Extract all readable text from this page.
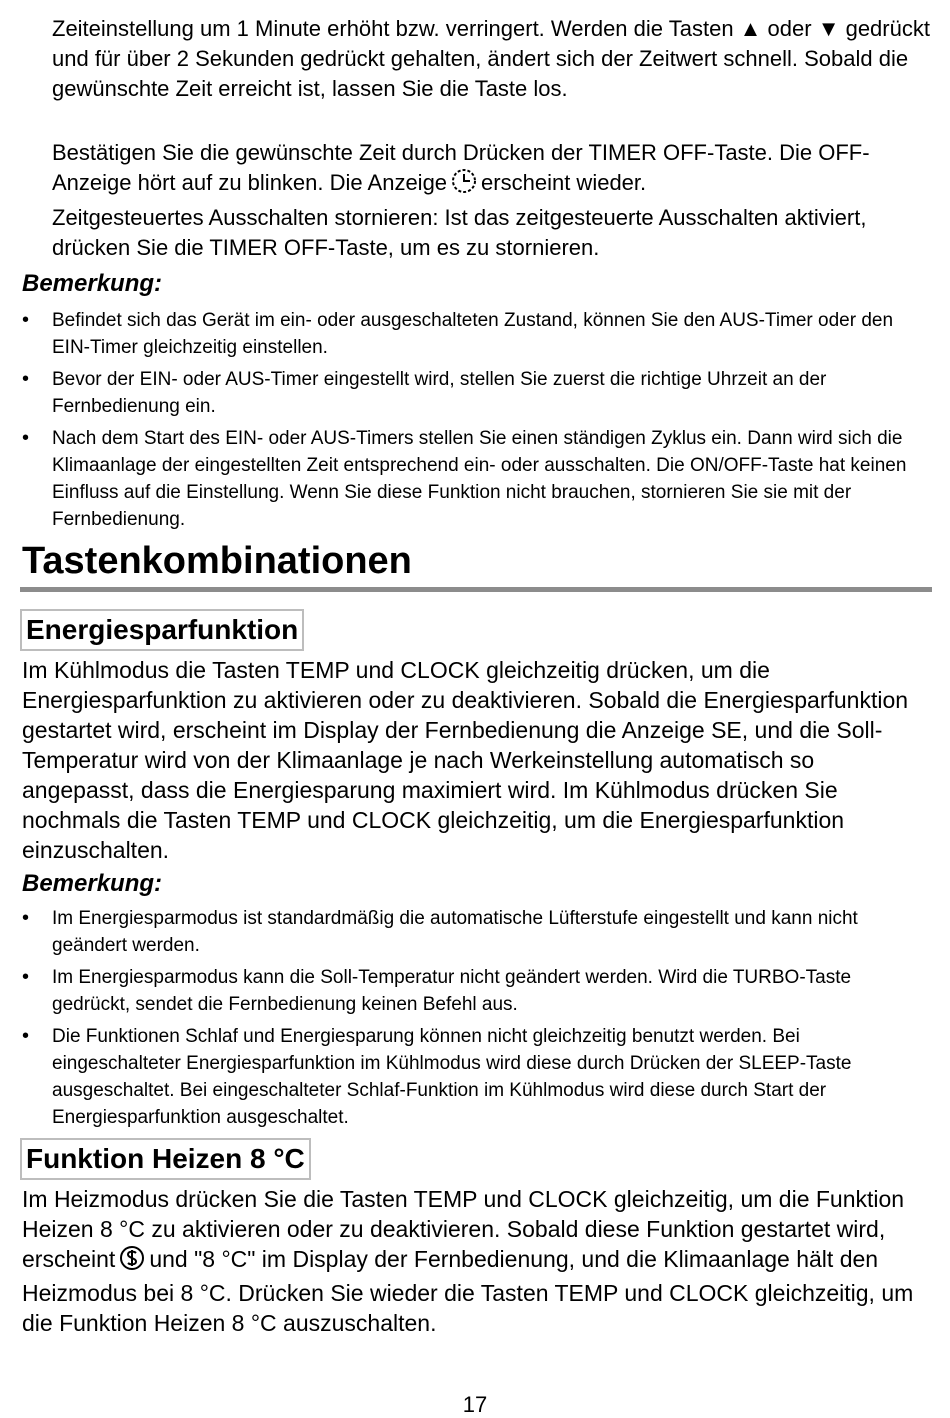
Zeiteinstellung um 1 Minute erhöht bzw. verringert. Werden die Tasten ▲ oder ▼ gedrückt und für über 2 Sekunden gedrückt gehalten, ändert sich der Zeitwert schnell. Sobald die gewünschte Zeit erreicht ist, lassen Sie die Taste los.

Bestätigen Sie die gewünschte Zeit durch Drücken der TIMER OFF-Taste. Die OFF-Anzeige hört auf zu blinken. Die Anzeige erscheint wieder.

Zeitgesteuertes Ausschalten stornieren: Ist das zeitgesteuerte Ausschalten aktiviert, drücken Sie die TIMER OFF-Taste, um es zu stornieren.

Bemerkung:

• Befindet sich das Gerät im ein- oder ausgeschalteten Zustand, können Sie den AUS-Timer oder den EIN-Timer gleichzeitig einstellen.
• Bevor der EIN- oder AUS-Timer eingestellt wird, stellen Sie zuerst die richtige Uhrzeit an der Fernbedienung ein.
• Nach dem Start des EIN- oder AUS-Timers stellen Sie einen ständigen Zyklus ein. Dann wird sich die Klimaanlage der eingestellten Zeit entsprechend ein- oder ausschalten. Die ON/OFF-Taste hat keinen Einfluss auf die Einstellung. Wenn Sie diese Funktion nicht brauchen, stornieren Sie sie mit der Fernbedienung.
Tastenkombinationen
Energiesparfunktion

Im Kühlmodus die Tasten TEMP und CLOCK gleichzeitig drücken, um die Energiesparfunktion zu aktivieren oder zu deaktivieren. Sobald die Energiesparfunktion gestartet wird, erscheint im Display der Fernbedienung die Anzeige SE, und die Soll-Temperatur wird von der Klimaanlage je nach Werkeinstellung automatisch so angepasst, dass die Energiesparung maximiert wird. Im Kühlmodus drücken Sie nochmals die Tasten TEMP und CLOCK gleichzeitig, um die Energiesparfunktion einzuschalten.

Bemerkung:

• Im Energiesparmodus ist standardmäßig die automatische Lüfterstufe eingestellt und kann nicht geändert werden.
• Im Energiesparmodus kann die Soll-Temperatur nicht geändert werden. Wird die TURBO-Taste gedrückt, sendet die Fernbedienung keinen Befehl aus.
• Die Funktionen Schlaf und Energiesparung können nicht gleichzeitig benutzt werden. Bei eingeschalteter Energiesparfunktion im Kühlmodus wird diese durch Drücken der SLEEP-Taste ausgeschaltet. Bei eingeschalteter Schlaf-Funktion im Kühlmodus wird diese durch Start der Energiesparfunktion ausgeschaltet.
Funktion Heizen 8 °C

Im Heizmodus drücken Sie die Tasten TEMP und CLOCK gleichzeitig, um die Funktion Heizen 8 °C zu aktivieren oder zu deaktivieren. Sobald diese Funktion gestartet wird, erscheint und "8 °C" im Display der Fernbedienung, und die Klimaanlage hält den Heizmodus bei 8 °C. Drücken Sie wieder die Tasten TEMP und CLOCK gleichzeitig, um die Funktion Heizen 8 °C auszuschalten.

17
